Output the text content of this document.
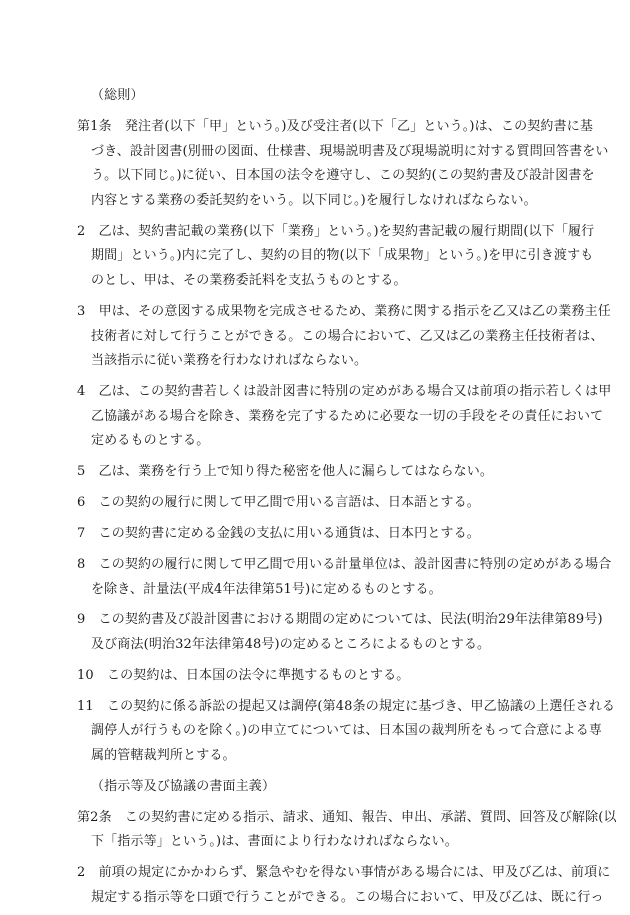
（総則）
第1条　発注者(以下「甲」という。)及び受注者(以下「乙」という。)は、この契約書に基
づき、設計図書(別冊の図面、仕様書、現場説明書及び現場説明に対する質問回答書をい
う。以下同じ。)に従い、日本国の法令を遵守し、この契約(この契約書及び設計図書を
内容とする業務の委託契約をいう。以下同じ。)を履行しなければならない。
2　乙は、契約書記載の業務(以下「業務」という。)を契約書記載の履行期間(以下「履行
期間」という。)内に完了し、契約の目的物(以下「成果物」という。)を甲に引き渡すも
のとし、甲は、その業務委託料を支払うものとする。
3　甲は、その意図する成果物を完成させるため、業務に関する指示を乙又は乙の業務主任
技術者に対して行うことができる。この場合において、乙又は乙の業務主任技術者は、
当該指示に従い業務を行わなければならない。
4　乙は、この契約書若しくは設計図書に特別の定めがある場合又は前項の指示若しくは甲
乙協議がある場合を除き、業務を完了するために必要な一切の手段をその責任において
定めるものとする。
5　乙は、業務を行う上で知り得た秘密を他人に漏らしてはならない。
6　この契約の履行に関して甲乙間で用いる言語は、日本語とする。
7　この契約書に定める金銭の支払に用いる通貨は、日本円とする。
8　この契約の履行に関して甲乙間で用いる計量単位は、設計図書に特別の定めがある場合
を除き、計量法(平成4年法律第51号)に定めるものとする。
9　この契約書及び設計図書における期間の定めについては、民法(明治29年法律第89号)
及び商法(明治32年法律第48号)の定めるところによるものとする。
10　この契約は、日本国の法令に準拠するものとする。
11　この契約に係る訴訟の提起又は調停(第48条の規定に基づき、甲乙協議の上選任される
調停人が行うものを除く。)の申立てについては、日本国の裁判所をもって合意による専
属的管轄裁判所とする。
（指示等及び協議の書面主義）
第2条　この契約書に定める指示、請求、通知、報告、申出、承諾、質問、回答及び解除(以
下「指示等」という。)は、書面により行わなければならない。
2　前項の規定にかかわらず、緊急やむを得ない事情がある場合には、甲及び乙は、前項に
規定する指示等を口頭で行うことができる。この場合において、甲及び乙は、既に行っ
